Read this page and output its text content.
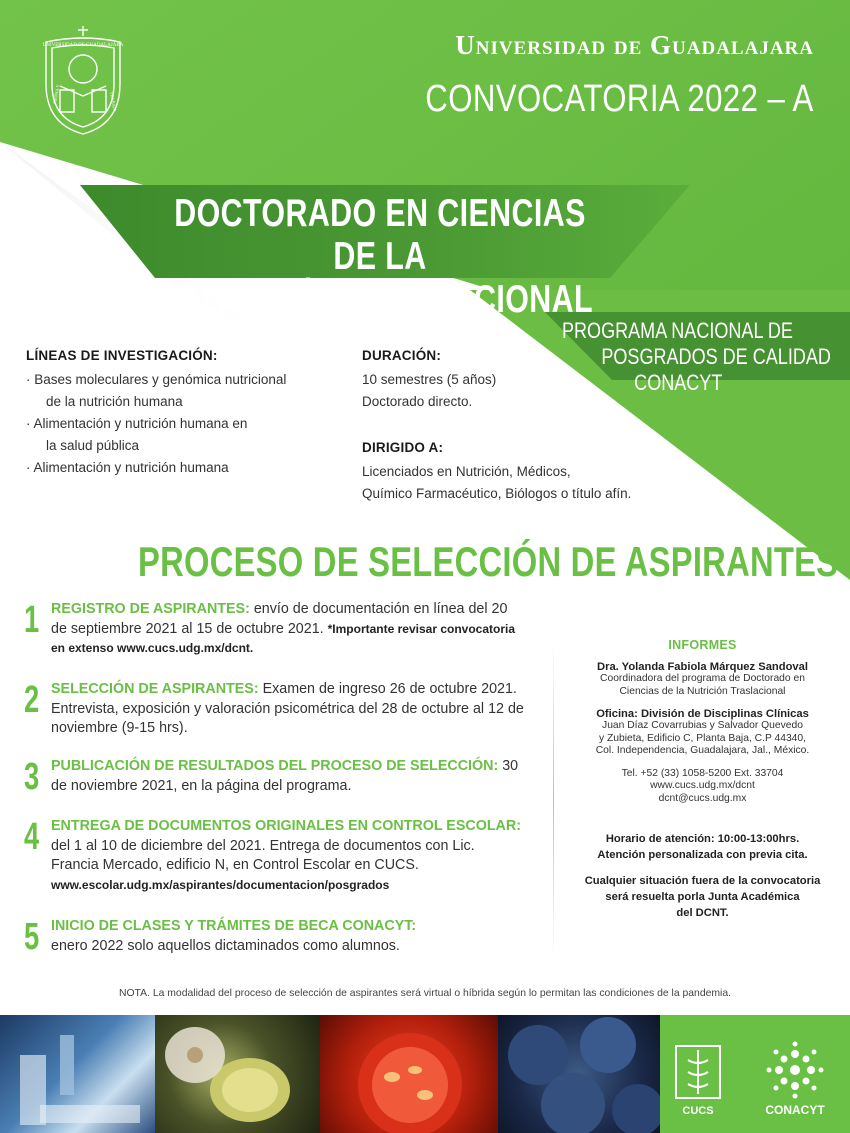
UNIVERSIDAD DE GUADALAJARA
PIENSA Y	TRABAJA
Universidad de Guadalajara
CONVOCATORIA 2022 – A
DOCTORADO EN CIENCIAS DE LA
NUTRICIÓN TRASLACIONAL
PROGRAMA NACIONAL DE
POSGRADOS DE CALIDAD
CONACYT
LÍNEAS DE INVESTIGACIÓN:
· Bases moleculares y genómica nutricional
de la nutrición humana
· Alimentación y nutrición humana en
la salud pública
· Alimentación y nutrición humana
DURACIÓN:
10 semestres (5 años)
Doctorado directo.
DIRIGIDO A:
Licenciados en Nutrición, Médicos,
Químico Farmacéutico, Biólogos o título afín.
PROCESO DE SELECCIÓN DE ASPIRANTES
1 REGISTRO DE ASPIRANTES: envío de documentación en línea del 20 de septiembre 2021 al 15 de octubre 2021. *Importante revisar convocatoria en extenso www.cucs.udg.mx/dcnt.
2 SELECCIÓN DE ASPIRANTES: Examen de ingreso 26 de octubre 2021. Entrevista, exposición y valoración psicométrica del 28 de octubre al 12 de noviembre (9-15 hrs).
3 PUBLICACIÓN DE RESULTADOS DEL PROCESO DE SELECCIÓN: 30 de noviembre 2021, en la página del programa.
4 ENTREGA DE DOCUMENTOS ORIGINALES EN CONTROL ESCOLAR: del 1 al 10 de diciembre del 2021. Entrega de documentos con Lic. Francia Mercado, edificio N, en Control Escolar en CUCS. www.escolar.udg.mx/aspirantes/documentacion/posgrados
5 INICIO DE CLASES Y TRÁMITES DE BECA CONACYT:
enero 2022 solo aquellos dictaminados como alumnos.
INFORMES
Dra. Yolanda Fabiola Márquez Sandoval
Coordinadora del programa de Doctorado en
Ciencias de la Nutrición Traslacional
Oficina: División de Disciplinas Clínicas
Juan Díaz Covarrubias y Salvador Quevedo
y Zubieta, Edificio C, Planta Baja, C.P 44340,
Col. Independencia, Guadalajara, Jal., México.
Tel. +52 (33) 1058-5200 Ext. 33704
www.cucs.udg.mx/dcnt
dcnt@cucs.udg.mx
Horario de atención: 10:00-13:00hrs.
Atención personalizada con previa cita.
Cualquier situación fuera de la convocatoria
será resuelta porla Junta Académica
del DCNT.
NOTA. La modalidad del proceso de selección de aspirantes será virtual o híbrida según lo permitan las condiciones de la pandemia.
CUCS	CONACYT
